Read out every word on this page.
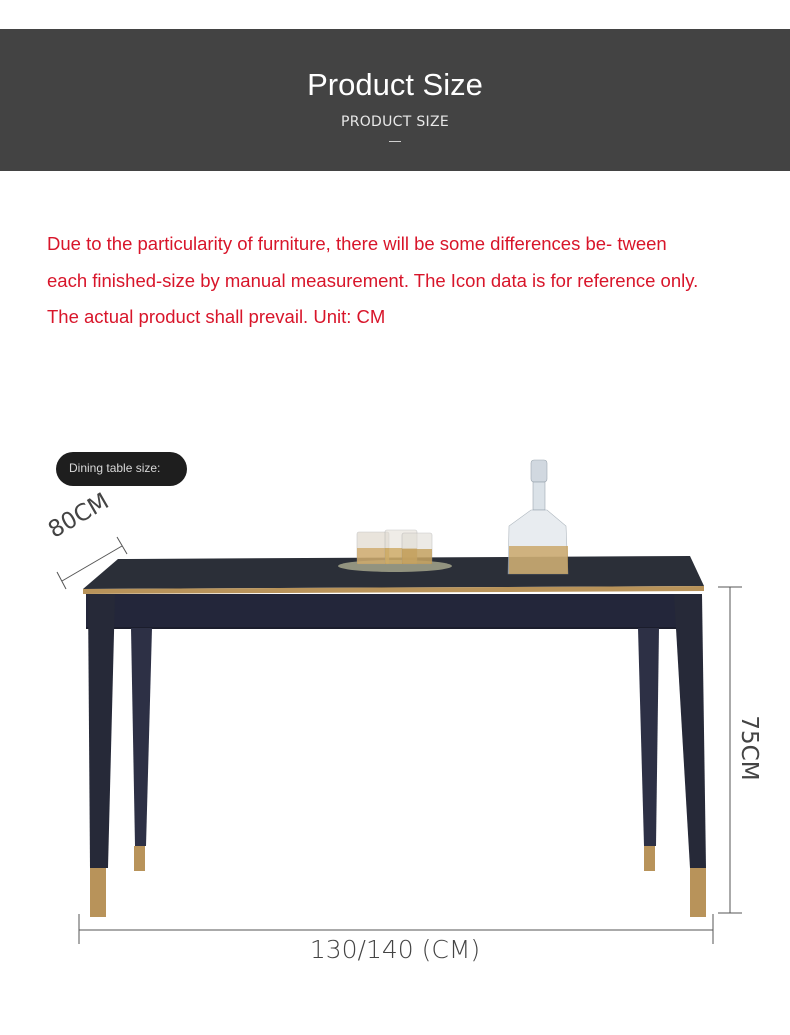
Product Size
PRODUCT SIZE
Due to the particularity of furniture, there will be some differences be- tween each finished-size by manual measurement. The Icon data is for reference only. The actual product shall prevail. Unit: CM
Dining table size:
80CM
75CM
130/140 (CM)
